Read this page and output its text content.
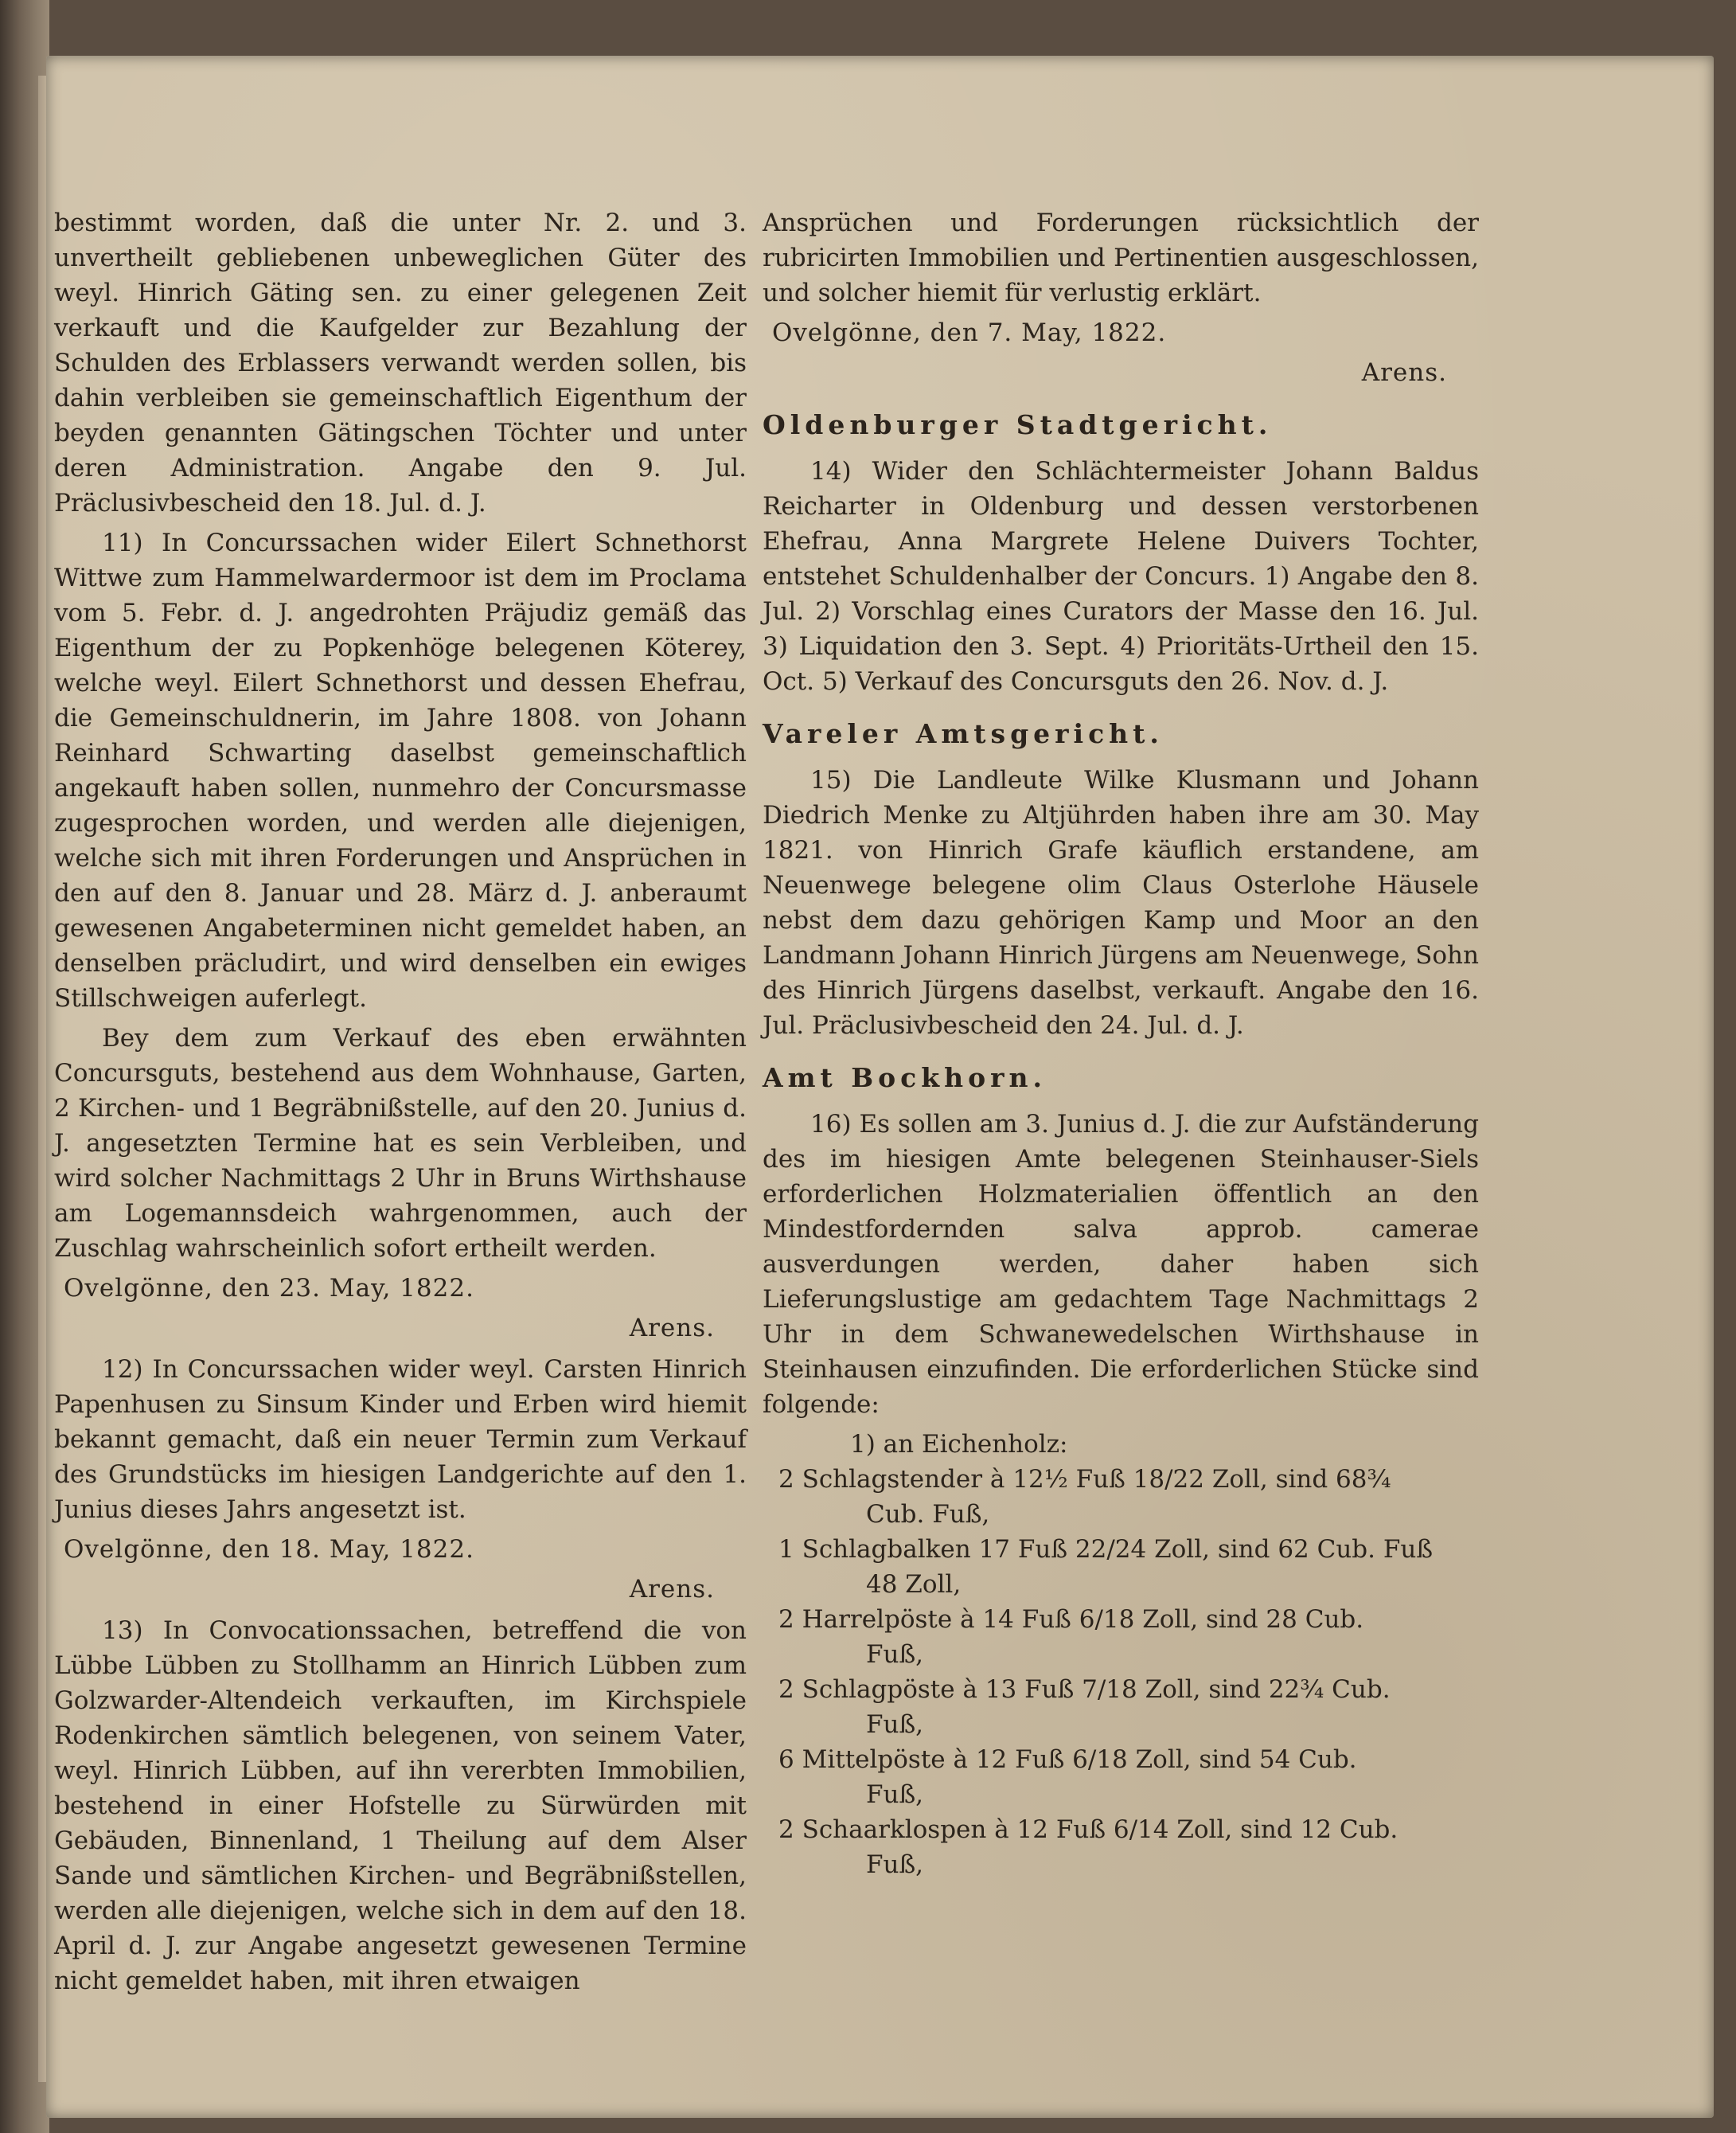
bestimmt worden, daß die unter Nr. 2. und 3. unvertheilt gebliebenen unbeweglichen Güter des weyl. Hinrich Gäting sen. zu einer gelegenen Zeit verkauft und die Kaufgelder zur Bezahlung der Schulden des Erblassers verwandt werden sollen, bis dahin verbleiben sie gemeinschaftlich Eigenthum der beyden genannten Gätingschen Töchter und unter deren Administration. Angabe den 9. Jul. Präclusivbescheid den 18. Jul. d. J.

11) In Concurssachen wider Eilert Schnethorst Wittwe zum Hammelwardermoor ist dem im Proclama vom 5. Febr. d. J. angedrohten Präjudiz gemäß das Eigenthum der zu Popkenhöge belegenen Köterey, welche weyl. Eilert Schnethorst und dessen Ehefrau, die Gemeinschuldnerin, im Jahre 1808. von Johann Reinhard Schwarting daselbst gemeinschaftlich angekauft haben sollen, nunmehro der Concursmasse zugesprochen worden, und werden alle diejenigen, welche sich mit ihren Forderungen und Ansprüchen in den auf den 8. Januar und 28. März d. J. anberaumt gewesenen Angabeterminen nicht gemeldet haben, an denselben präcludirt, und wird denselben ein ewiges Stillschweigen auferlegt.

Bey dem zum Verkauf des eben erwähnten Concursguts, bestehend aus dem Wohnhause, Garten, 2 Kirchen- und 1 Begräbnißstelle, auf den 20. Junius d. J. angesetzten Termine hat es sein Verbleiben, und wird solcher Nachmittags 2 Uhr in Bruns Wirthshause am Logemannsdeich wahrgenommen, auch der Zuschlag wahrscheinlich sofort ertheilt werden.

Ovelgönne, den 23. May, 1822.
Arens.

12) In Concurssachen wider weyl. Carsten Hinrich Papenhusen zu Sinsum Kinder und Erben wird hiemit bekannt gemacht, daß ein neuer Termin zum Verkauf des Grundstücks im hiesigen Landgerichte auf den 1. Junius dieses Jahrs angesetzt ist.

Ovelgönne, den 18. May, 1822.
Arens.

13) In Convocationssachen, betreffend die von Lübbe Lübben zu Stollhamm an Hinrich Lübben zum Golzwarder-Altendeich verkauften, im Kirchspiele Rodenkirchen sämtlich belegenen, von seinem Vater, weyl. Hinrich Lübben, auf ihn vererbten Immobilien, bestehend in einer Hofstelle zu Sürwürden mit Gebäuden, Binnenland, 1 Theilung auf dem Alser Sande und sämtlichen Kirchen- und Begräbnißstellen, werden alle diejenigen, welche sich in dem auf den 18. April d. J. zur Angabe angesetzt gewesenen Termine nicht gemeldet haben, mit ihren etwaigen

Ansprüchen und Forderungen rücksichtlich der rubricirten Immobilien und Pertinentien ausgeschlossen, und solcher hiemit für verlustig erklärt.

Ovelgönne, den 7. May, 1822.
Arens.
Oldenburger Stadtgericht.

14) Wider den Schlächtermeister Johann Baldus Reicharter in Oldenburg und dessen verstorbenen Ehefrau, Anna Margrete Helene Duivers Tochter, entstehet Schuldenhalber der Concurs. 1) Angabe den 8. Jul. 2) Vorschlag eines Curators der Masse den 16. Jul. 3) Liquidation den 3. Sept. 4) Prioritäts-Urtheil den 15. Oct. 5) Verkauf des Concursguts den 26. Nov. d. J.

Vareler Amtsgericht.

15) Die Landleute Wilke Klusmann und Johann Diedrich Menke zu Altjührden haben ihre am 30. May 1821. von Hinrich Grafe käuflich erstandene, am Neuenwege belegene olim Claus Osterlohe Häusele nebst dem dazu gehörigen Kamp und Moor an den Landmann Johann Hinrich Jürgens am Neuenwege, Sohn des Hinrich Jürgens daselbst, verkauft. Angabe den 16. Jul. Präclusivbescheid den 24. Jul. d. J.

Amt Bockhorn.

16) Es sollen am 3. Junius d. J. die zur Aufständerung des im hiesigen Amte belegenen Steinhauser-Siels erforderlichen Holzmaterialien öffentlich an den Mindestfordernden salva approb. camerae ausverdungen werden, daher haben sich Lieferungslustige am gedachtem Tage Nachmittags 2 Uhr in dem Schwanewedelschen Wirthshause in Steinhausen einzufinden. Die erforderlichen Stücke sind folgende:

1) an Eichenholz:
2 Schlagstender à 12½ Fuß 18/22 Zoll, sind 68¾
Cub. Fuß,
1 Schlagbalken 17 Fuß 22/24 Zoll, sind 62 Cub. Fuß
48 Zoll,
2 Harrelpöste à 14 Fuß 6/18 Zoll, sind 28 Cub.
Fuß,
2 Schlagpöste à 13 Fuß 7/18 Zoll, sind 22¾ Cub.
Fuß,
6 Mittelpöste à 12 Fuß 6/18 Zoll, sind 54 Cub.
Fuß,
2 Schaarklospen à 12 Fuß 6/14 Zoll, sind 12 Cub.
Fuß,
